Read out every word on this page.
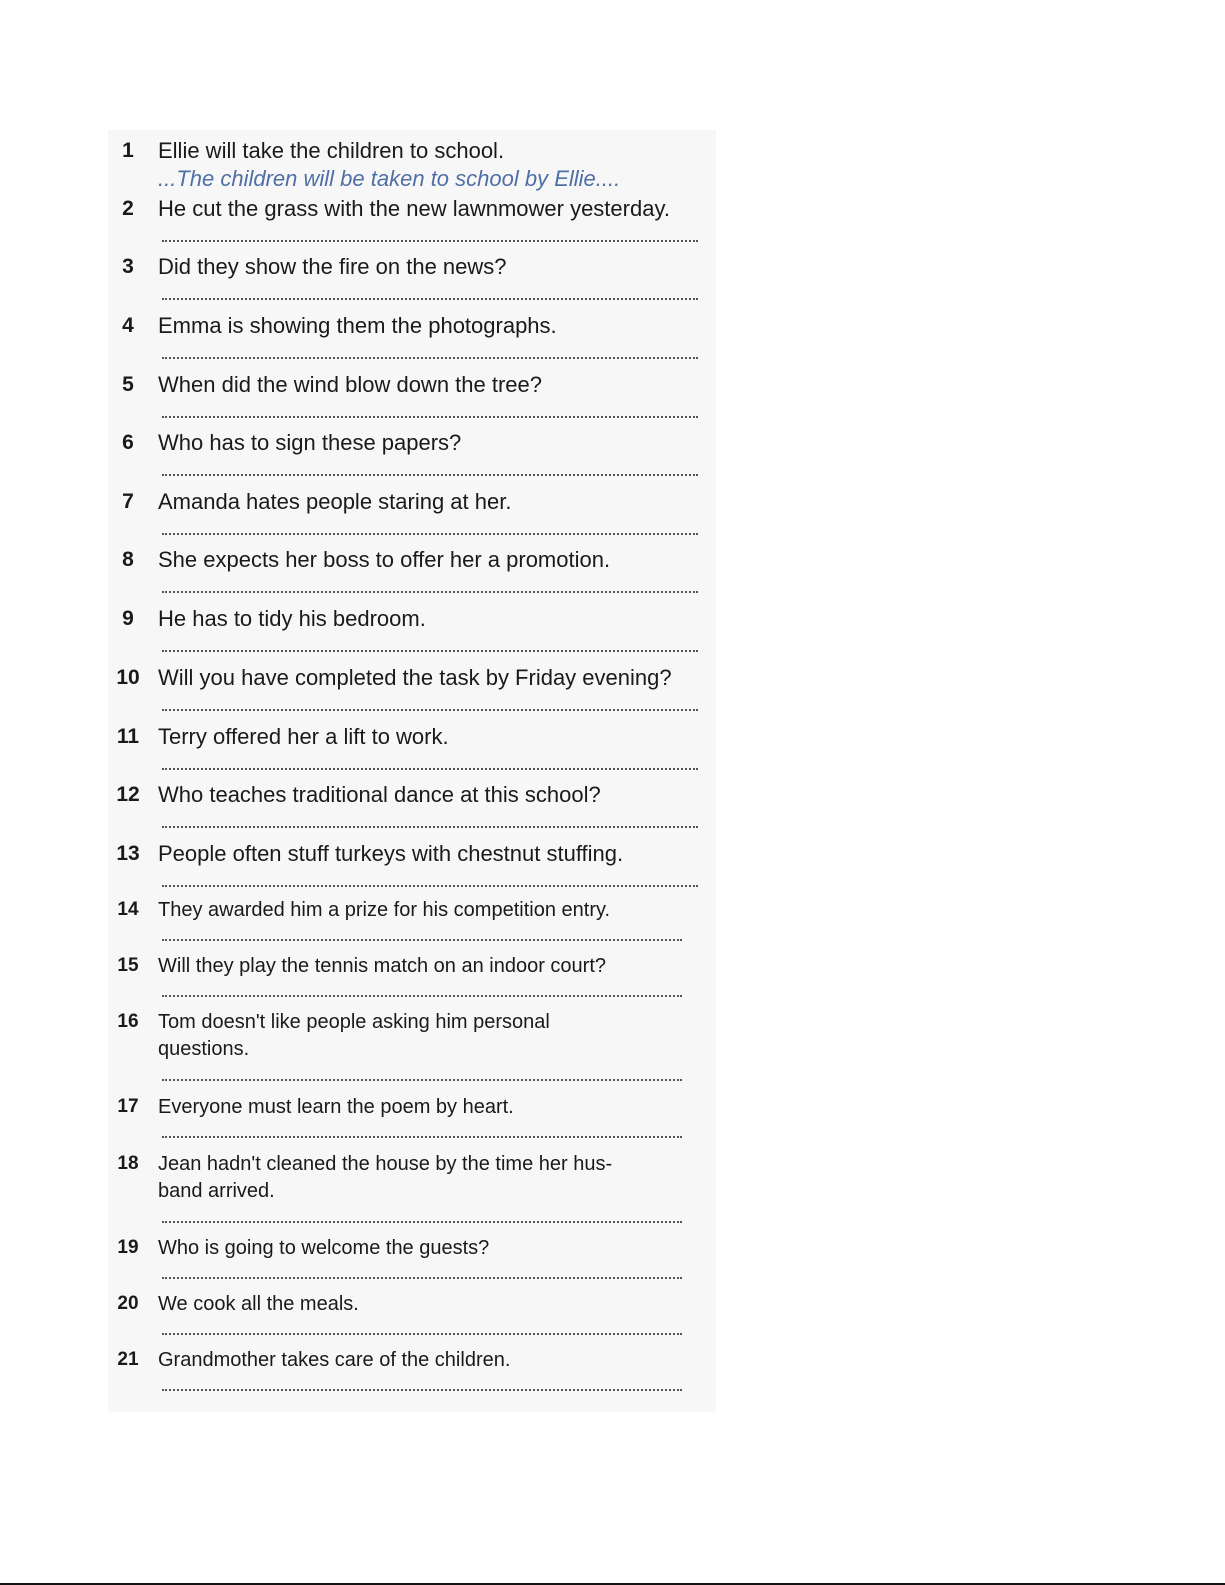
1	Ellie will take the children to school.
...The children will be taken to school by Ellie....
2	He cut the grass with the new lawnmower yesterday.
3	Did they show the fire on the news?
4	Emma is showing them the photographs.
5	When did the wind blow down the tree?
6	Who has to sign these papers?
7	Amanda hates people staring at her.
8	She expects her boss to offer her a promotion.
9	He has to tidy his bedroom.
10 Will you have completed the task by Friday evening?
11 Terry offered her a lift to work.
12 Who teaches traditional dance at this school?
13 People often stuff turkeys with chestnut stuffing.
14 They awarded him a prize for his competition entry.
15 Will they play the tennis match on an indoor court?
16 Tom doesn't like people asking him personal
questions.
17 Everyone must learn the poem by heart.
18 Jean hadn't cleaned the house by the time her hus-
band arrived.
19 Who is going to welcome the guests?
20 We cook all the meals.
21 Grandmother takes care of the children.
